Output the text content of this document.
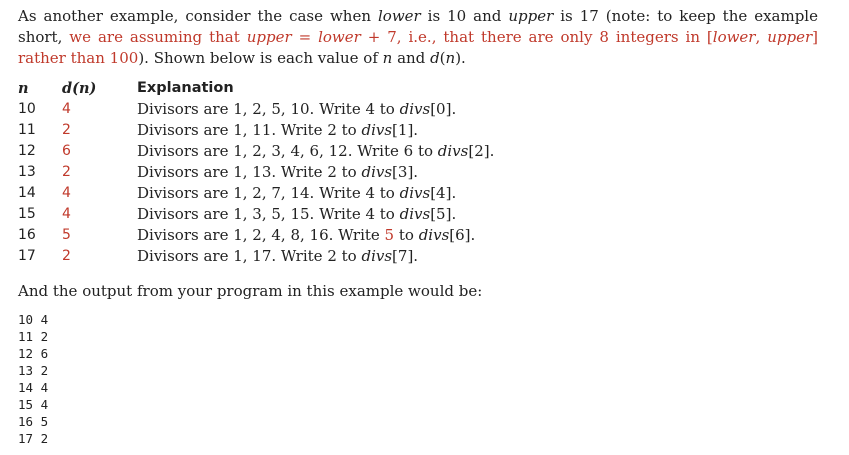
As another example, consider the case when lower is 10 and upper is 17 (note: to keep the example short, we are assuming that upper = lower + 7, i.e., that there are only 8 integers in [lower, upper] rather than 100). Shown below is each value of n and d(n).
n d(n)	Explanation
10 4	Divisors are 1, 2, 5, 10. Write 4 to divs[0].
11 2	Divisors are 1, 11. Write 2 to divs[1].
12 6	Divisors are 1, 2, 3, 4, 6, 12. Write 6 to divs[2].
13 2	Divisors are 1, 13. Write 2 to divs[3].
14 4	Divisors are 1, 2, 7, 14. Write 4 to divs[4].
15 4	Divisors are 1, 3, 5, 15. Write 4 to divs[5].
16 5	Divisors are 1, 2, 4, 8, 16. Write 5 to divs[6].
17 2	Divisors are 1, 17. Write 2 to divs[7].
And the output from your program in this example would be:
10 4
11 2
12 6
13 2
14 4
15 4
16 5
17 2
